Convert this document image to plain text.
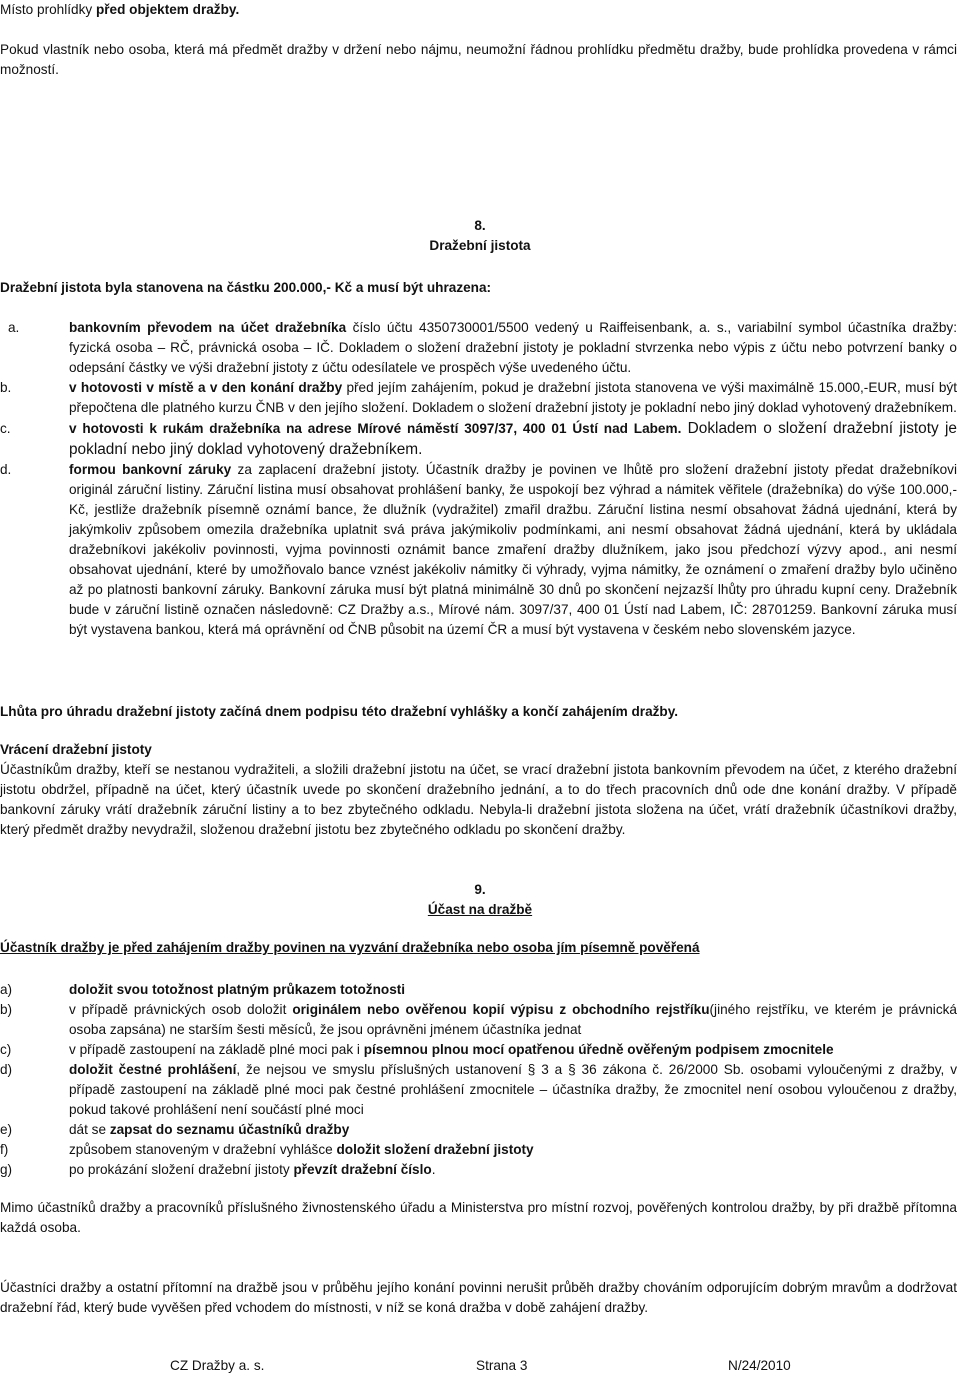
Místo prohlídky před objektem dražby.

Pokud vlastník nebo osoba, která má předmět dražby v držení nebo nájmu, neumožní řádnou prohlídku předmětu dražby, bude prohlídka provedena v rámci možností.

8.
Dražební jistota

Dražební jistota byla stanovena na částku 200.000,- Kč a musí být uhrazena:

a.	bankovním převodem na účet dražebníka číslo účtu 4350730001/5500 vedený u Raiffeisenbank, a. s., variabilní symbol účastníka dražby: fyzická osoba – RČ, právnická osoba – IČ. Dokladem o složení dražební jistoty je pokladní stvrzenka nebo výpis z účtu nebo potvrzení banky o odepsání částky ve výši dražební jistoty z účtu odesílatele ve prospěch výše uvedeného účtu.
b.	v hotovosti v místě a v den konání dražby před jejím zahájením, pokud je dražební jistota stanovena ve výši maximálně 15.000,-EUR, musí být přepočtena dle platného kurzu ČNB v den jejího složení. Dokladem o složení dražební jistoty je pokladní nebo jiný doklad vyhotovený dražebníkem.
c.	v hotovosti k rukám dražebníka na adrese Mírové náměstí 3097/37, 400 01 Ústí nad Labem. Dokladem o složení dražební jistoty je pokladní nebo jiný doklad vyhotovený dražebníkem.
d.	formou bankovní záruky za zaplacení dražební jistoty. Účastník dražby je povinen ve lhůtě pro složení dražební jistoty předat dražebníkovi originál záruční listiny. Záruční listina musí obsahovat prohlášení banky, že uspokojí bez výhrad a námitek věřitele (dražebníka) do výše 100.000,- Kč, jestliže dražebník písemně oznámí bance, že dlužník (vydražitel) zmařil dražbu. Záruční listina nesmí obsahovat žádná ujednání, která by jakýmkoliv způsobem omezila dražebníka uplatnit svá práva jakýmikoliv podmínkami, ani nesmí obsahovat žádná ujednání, která by ukládala dražebníkovi jakékoliv povinnosti, vyjma povinnosti oznámit bance zmaření dražby dlužníkem, jako jsou předchozí výzvy apod., ani nesmí obsahovat ujednání, které by umožňovalo bance vznést jakékoliv námitky či výhrady, vyjma námitky, že oznámení o zmaření dražby bylo učiněno až po platnosti bankovní záruky. Bankovní záruka musí být platná minimálně 30 dnů po skončení nejzazší lhůty pro úhradu kupní ceny. Dražebník bude v záruční listině označen následovně: CZ Dražby a.s., Mírové nám. 3097/37, 400 01 Ústí nad Labem, IČ: 28701259. Bankovní záruka musí být vystavena bankou, která má oprávnění od ČNB působit na území ČR a musí být vystavena v českém nebo slovenském jazyce.

Lhůta pro úhradu dražební jistoty začíná dnem podpisu této dražební vyhlášky a končí zahájením dražby.

Vrácení dražební jistoty

Účastníkům dražby, kteří se nestanou vydražiteli, a složili dražební jistotu na účet, se vrací dražební jistota bankovním převodem na účet, z kterého dražební jistotu obdržel, případně na účet, který účastník uvede po skončení dražebního jednání, a to do třech pracovních dnů ode dne konání dražby. V případě bankovní záruky vrátí dražebník záruční listiny a to bez zbytečného odkladu. Nebyla-li dražební jistota složena na účet, vrátí dražebník účastníkovi dražby, který předmět dražby nevydražil, složenou dražební jistotu bez zbytečného odkladu po skončení dražby.

9.
Účast na dražbě

Účastník dražby je před zahájením dražby povinen na vyzvání dražebníka nebo osoba jím písemně pověřená

a)	doložit svou totožnost platným průkazem totožnosti
b)	v případě právnických osob doložit originálem nebo ověřenou kopií výpisu z obchodního rejstříku(jiného rejstříku, ve kterém je právnická osoba zapsána) ne starším šesti měsíců, že jsou oprávněni jménem účastníka jednat
c)	v případě zastoupení na základě plné moci pak i písemnou plnou mocí opatřenou úředně ověřeným podpisem zmocnitele
d)	doložit čestné prohlášení, že nejsou ve smyslu příslušných ustanovení § 3 a § 36 zákona č. 26/2000 Sb. osobami vyloučenými z dražby, v případě zastoupení na základě plné moci pak čestné prohlášení zmocnitele – účastníka dražby, že zmocnitel není osobou vyloučenou z dražby, pokud takové prohlášení není součástí plné moci
e)	dát se zapsat do seznamu účastníků dražby
f)	způsobem stanoveným v dražební vyhlášce doložit složení dražební jistoty
g)	po prokázání složení dražební jistoty převzít dražební číslo.

Mimo účastníků dražby a pracovníků příslušného živnostenského úřadu a Ministerstva pro místní rozvoj, pověřených kontrolou dražby, by při dražbě přítomna každá osoba.

Účastníci dražby a ostatní přítomní na dražbě jsou v průběhu jejího konání povinni nerušit průběh dražby chováním odporujícím dobrým mravům a dodržovat dražební řád, který bude vyvěšen před vchodem do místnosti, v níž se koná dražba v době zahájení dražby.

CZ Dražby a. s.	Strana 3	N/24/2010
